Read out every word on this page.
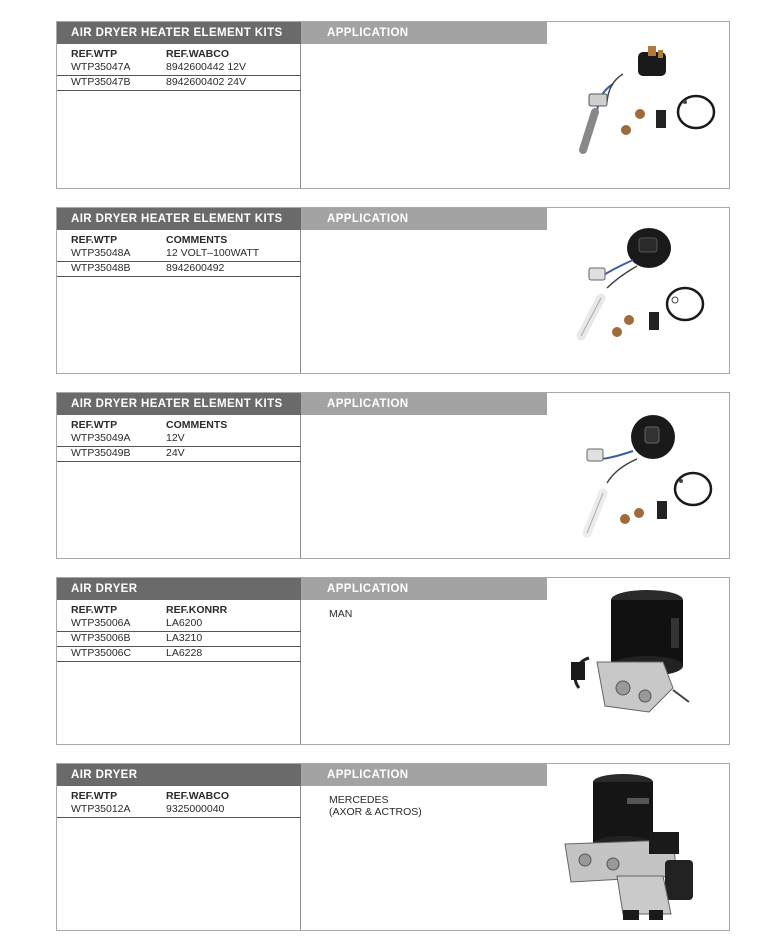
AIR DRYER HEATER ELEMENT KITS	APPLICATION
REF.WTP	REF.WABCO
WTP35047A	8942600442 12V
WTP35047B	8942600402 24V
AIR DRYER HEATER ELEMENT KITS	APPLICATION
REF.WTP	COMMENTS
WTP35048A	12 VOLT–100WATT
WTP35048B	8942600492
AIR DRYER HEATER ELEMENT KITS	APPLICATION
REF.WTP	COMMENTS
WTP35049A	12V
WTP35049B	24V
AIR DRYER	APPLICATION
REF.WTP	REF.KONRR
WTP35006A	LA6200
WTP35006B	LA3210
WTP35006C	LA6228
MAN
AIR DRYER	APPLICATION
REF.WTP	REF.WABCO
WTP35012A	9325000040
MERCEDES
(AXOR & ACTROS)
